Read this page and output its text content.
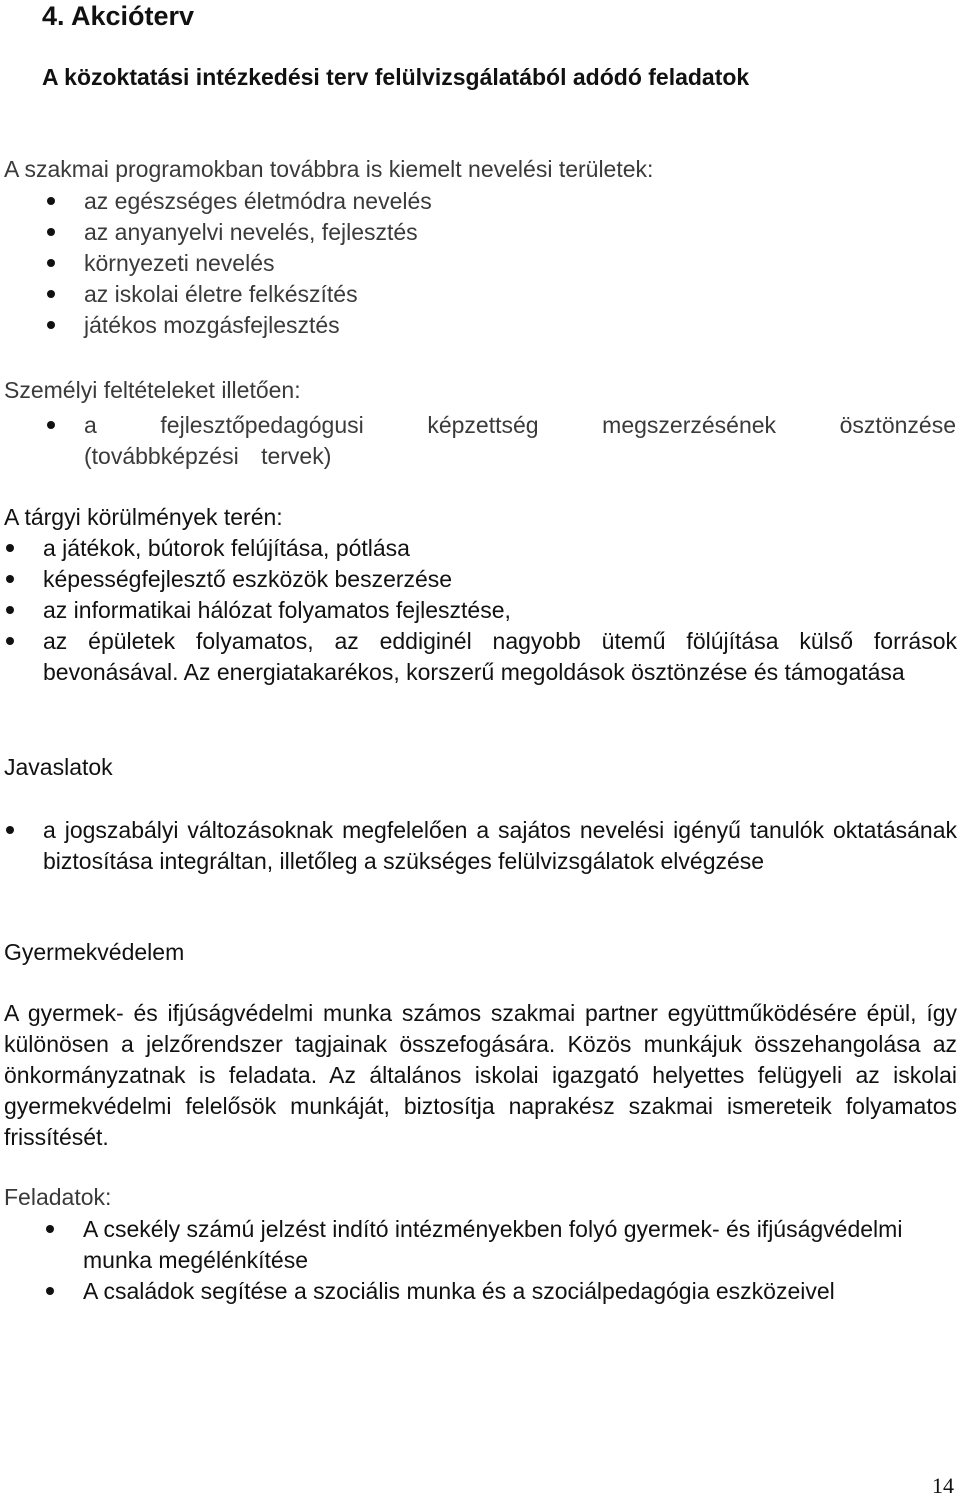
4. Akcióterv
A közoktatási intézkedési terv felülvizsgálatából adódó feladatok

A szakmai programokban továbbra is kiemelt nevelési területek:

az egészséges életmódra nevelés
az anyanyelvi nevelés, fejlesztés
környezeti nevelés
az iskolai életre felkészítés
játékos mozgásfejlesztés

Személyi feltételeket illetően:

a fejlesztőpedagógusi képzettség megszerzésének ösztönzése (továbbképzési tervek)

A tárgyi körülmények terén:

a játékok, bútorok felújítása, pótlása
képességfejlesztő eszközök beszerzése
az informatikai hálózat folyamatos fejlesztése,
az épületek folyamatos, az eddiginél nagyobb ütemű fölújítása külső források bevonásával. Az energiatakarékos, korszerű megoldások ösztönzése és támogatása

Javaslatok

a jogszabályi változásoknak megfelelően a sajátos nevelési igényű tanulók oktatásának biztosítása integráltan, illetőleg a szükséges felülvizsgálatok elvégzése

Gyermekvédelem

A gyermek- és ifjúságvédelmi munka számos szakmai partner együttműködésére épül, így különösen a jelzőrendszer tagjainak összefogására. Közös munkájuk összehangolása az önkormányzatnak is feladata. Az általános iskolai igazgató helyettes felügyeli az iskolai gyermekvédelmi felelősök munkáját, biztosítja naprakész szakmai ismereteik folyamatos frissítését.

Feladatok:

A csekély számú jelzést indító intézményekben folyó gyermek- és ifjúságvédelmi munka megélénkítése
A családok segítése a szociális munka és a szociálpedagógia eszközeivel
14
